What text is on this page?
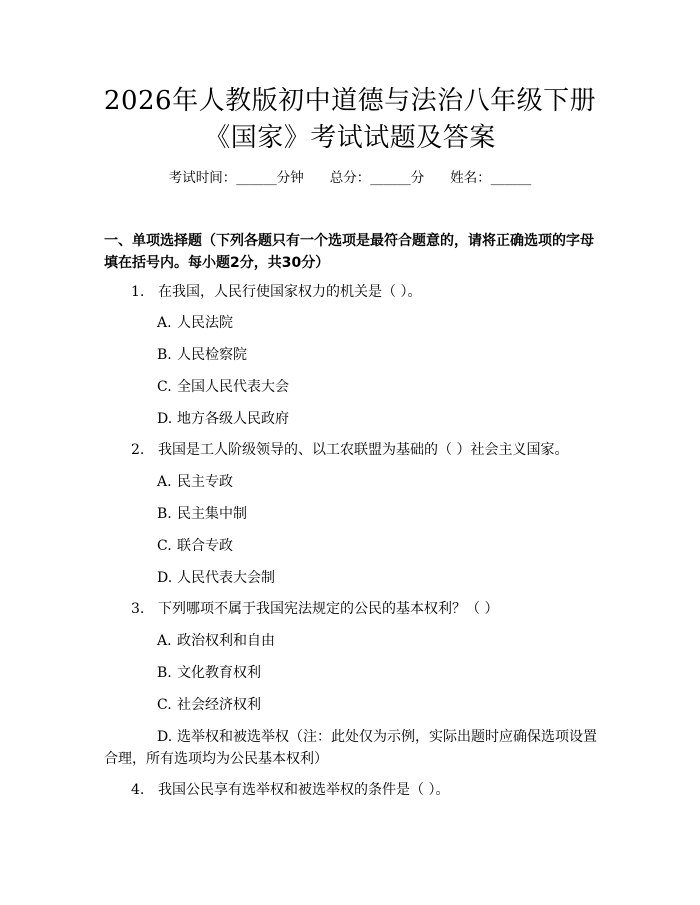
2026年人教版初中道德与法治八年级下册
《国家》考试试题及答案
考试时间：______分钟 总分：______分 姓名：______
一、单项选择题（下列各题只有一个选项是最符合题意的，请将正确选项的字母填在括号内。每小题2分，共30分）
1. 在我国，人民行使国家权力的机关是（ ）。
A. 人民法院
B. 人民检察院
C. 全国人民代表大会
D. 地方各级人民政府
2. 我国是工人阶级领导的、以工农联盟为基础的（ ）社会主义国家。
A. 民主专政
B. 民主集中制
C. 联合专政
D. 人民代表大会制
3. 下列哪项不属于我国宪法规定的公民的基本权利？（ ）
A. 政治权利和自由
B. 文化教育权利
C. 社会经济权利
D. 选举权和被选举权（注：此处仅为示例，实际出题时应确保选项设置合理，所有选项均为公民基本权利）
4. 我国公民享有选举权和被选举权的条件是（ ）。
